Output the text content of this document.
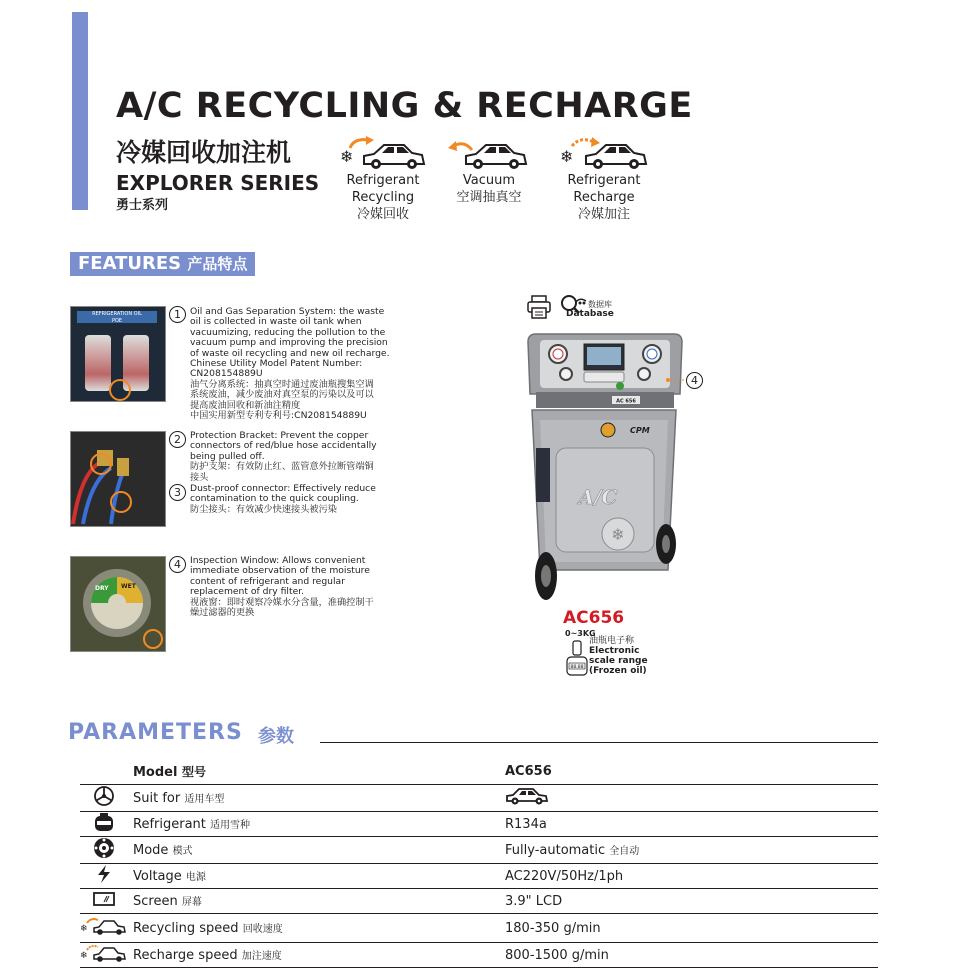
A/C RECYCLING & RECHARGE
冷媒回收加注机
EXPLORER SERIES
勇士系列
❄
Refrigerant
Recycling
冷媒回收
Vacuum
空调抽真空
❄
Refrigerant
Recharge
冷媒加注
FEATURES 产品特点
REFRIGERATION OIL
POE
DRY WET
1 Oil and Gas Separation System: the waste
oil is collected in waste oil tank when
vacuumizing, reducing the pollution to the
vacuum pump and improving the precision
of waste oil recycling and new oil recharge.
Chinese Utility Model Patent Number:
CN208154889U
油气分离系统：抽真空时通过废油瓶搜集空调
系统废油，减少废油对真空泵的污染以及可以
提高废油回收和新油注精度
中国实用新型专利专利号:CN208154889U
2 Protection Bracket: Prevent the copper
connectors of red/blue hose accidentally
being pulled off.
防护支架：有效防止红、蓝管意外拉断管端铜
接头
3 Dust-proof connector: Effectively reduce
contamination to the quick coupling.
防尘接头：有效减少快速接头被污染
4 Inspection Window: Allows convenient
immediate observation of the moisture
content of refrigerant and regular
replacement of dry filter.
视液窗：即时观察冷媒水分含量，准确控制干
燥过滤器的更换
数据库
Database
AC 656
CPM
A/C
❄
4
AC656
0~3KG
88.88
油瓶电子称
Electronic
scale range
(Frozen oil)
PARAMETERS 参数
	Model 型号	AC656
	Suit for 适用车型	
	Refrigerant 适用雪种	R134a
	Mode 模式	Fully-automatic 全自动
	Voltage 电源	AC220V/50Hz/1ph
	Screen 屏幕	3.9" LCD

❄	Recycling speed 回收速度	180-350 g/min

❄	Recharge speed 加注速度	800-1500 g/min
